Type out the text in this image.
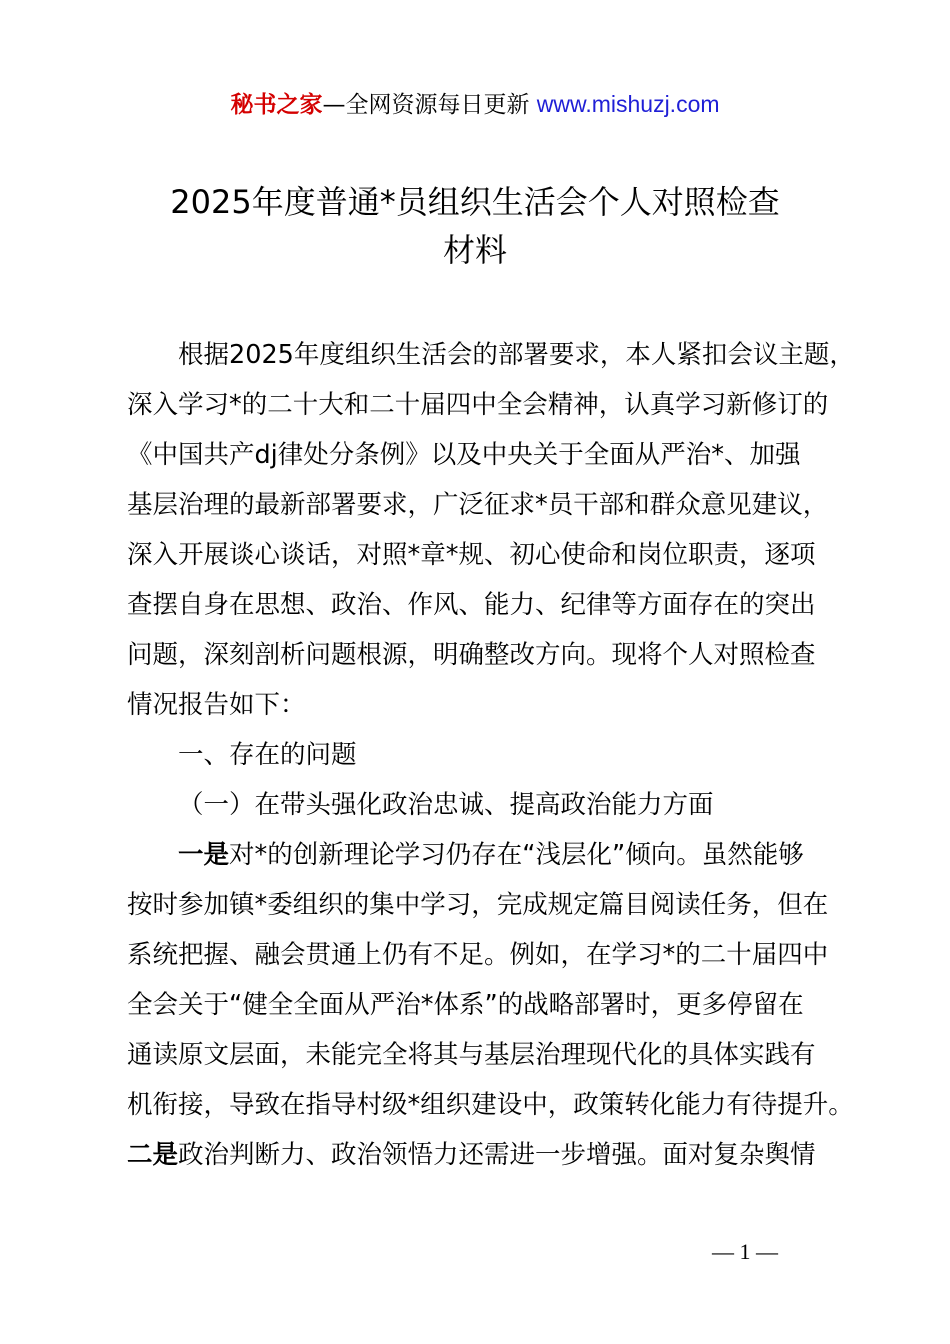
秘书之家—全网资源每日更新 www.mishuzj.com
2025年度普通*员组织生活会个人对照检查
材料
根据2025年度组织生活会的部署要求，本人紧扣会议主题，
深入学习*的二十大和二十届四中全会精神，认真学习新修订的
《中国共产dj律处分条例》以及中央关于全面从严治*、加强
基层治理的最新部署要求，广泛征求*员干部和群众意见建议，
深入开展谈心谈话，对照*章*规、初心使命和岗位职责，逐项
查摆自身在思想、政治、作风、能力、纪律等方面存在的突出
问题，深刻剖析问题根源，明确整改方向。现将个人对照检查
情况报告如下：
一、存在的问题
（一）在带头强化政治忠诚、提高政治能力方面
一是对*的创新理论学习仍存在“浅层化”倾向。虽然能够
按时参加镇*委组织的集中学习，完成规定篇目阅读任务，但在
系统把握、融会贯通上仍有不足。例如，在学习*的二十届四中
全会关于“健全全面从严治*体系”的战略部署时，更多停留在
通读原文层面，未能完全将其与基层治理现代化的具体实践有
机衔接，导致在指导村级*组织建设中，政策转化能力有待提升。
二是政治判断力、政治领悟力还需进一步增强。面对复杂舆情
— 1 —
